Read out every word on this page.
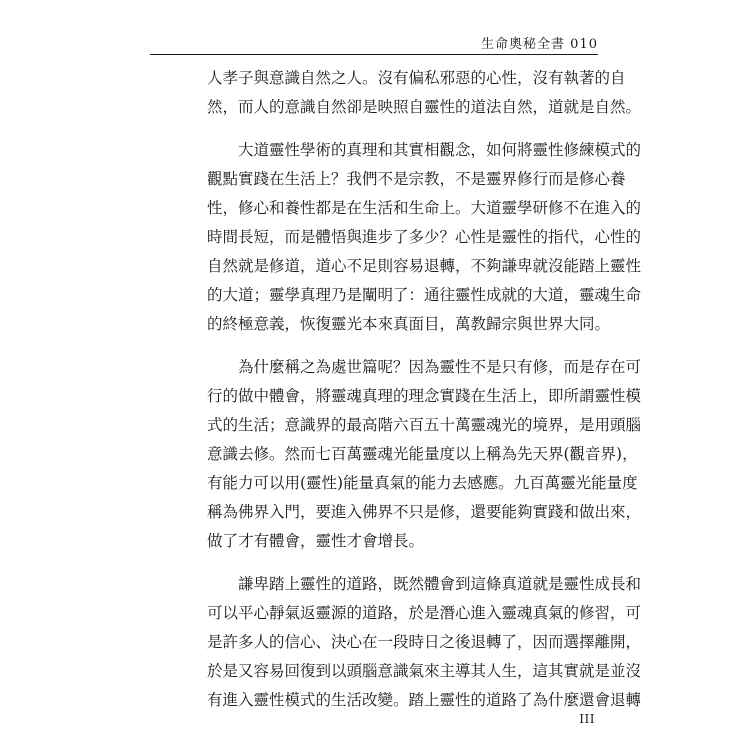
生命奧秘全書 010
人孝子與意識自然之人。沒有偏私邪惡的心性，沒有執著的自
然，而人的意識自然卻是映照自靈性的道法自然，道就是自然。
大道靈性學術的真理和其實相觀念，如何將靈性修練模式的
觀點實踐在生活上？我們不是宗教，不是靈界修行而是修心養
性，修心和養性都是在生活和生命上。大道靈學研修不在進入的
時間長短，而是體悟與進步了多少？心性是靈性的指代，心性的
自然就是修道，道心不足則容易退轉，不夠謙卑就沒能踏上靈性
的大道；靈學真理乃是闡明了：通往靈性成就的大道，靈魂生命
的終極意義，恢復靈光本來真面目，萬教歸宗與世界大同。
為什麼稱之為處世篇呢？因為靈性不是只有修，而是存在可
行的做中體會，將靈魂真理的理念實踐在生活上，即所謂靈性模
式的生活；意識界的最高階六百五十萬靈魂光的境界，是用頭腦
意識去修。然而七百萬靈魂光能量度以上稱為先天界(觀音界)，
有能力可以用(靈性)能量真氣的能力去感應。九百萬靈光能量度
稱為佛界入門，要進入佛界不只是修，還要能夠實踐和做出來，
做了才有體會，靈性才會增長。
謙卑踏上靈性的道路，既然體會到這條真道就是靈性成長和
可以平心靜氣返靈源的道路，於是潛心進入靈魂真氣的修習，可
是許多人的信心、決心在一段時日之後退轉了，因而選擇離開，
於是又容易回復到以頭腦意識氣來主導其人生，這其實就是並沒
有進入靈性模式的生活改變。踏上靈性的道路了為什麼還會退轉
III
